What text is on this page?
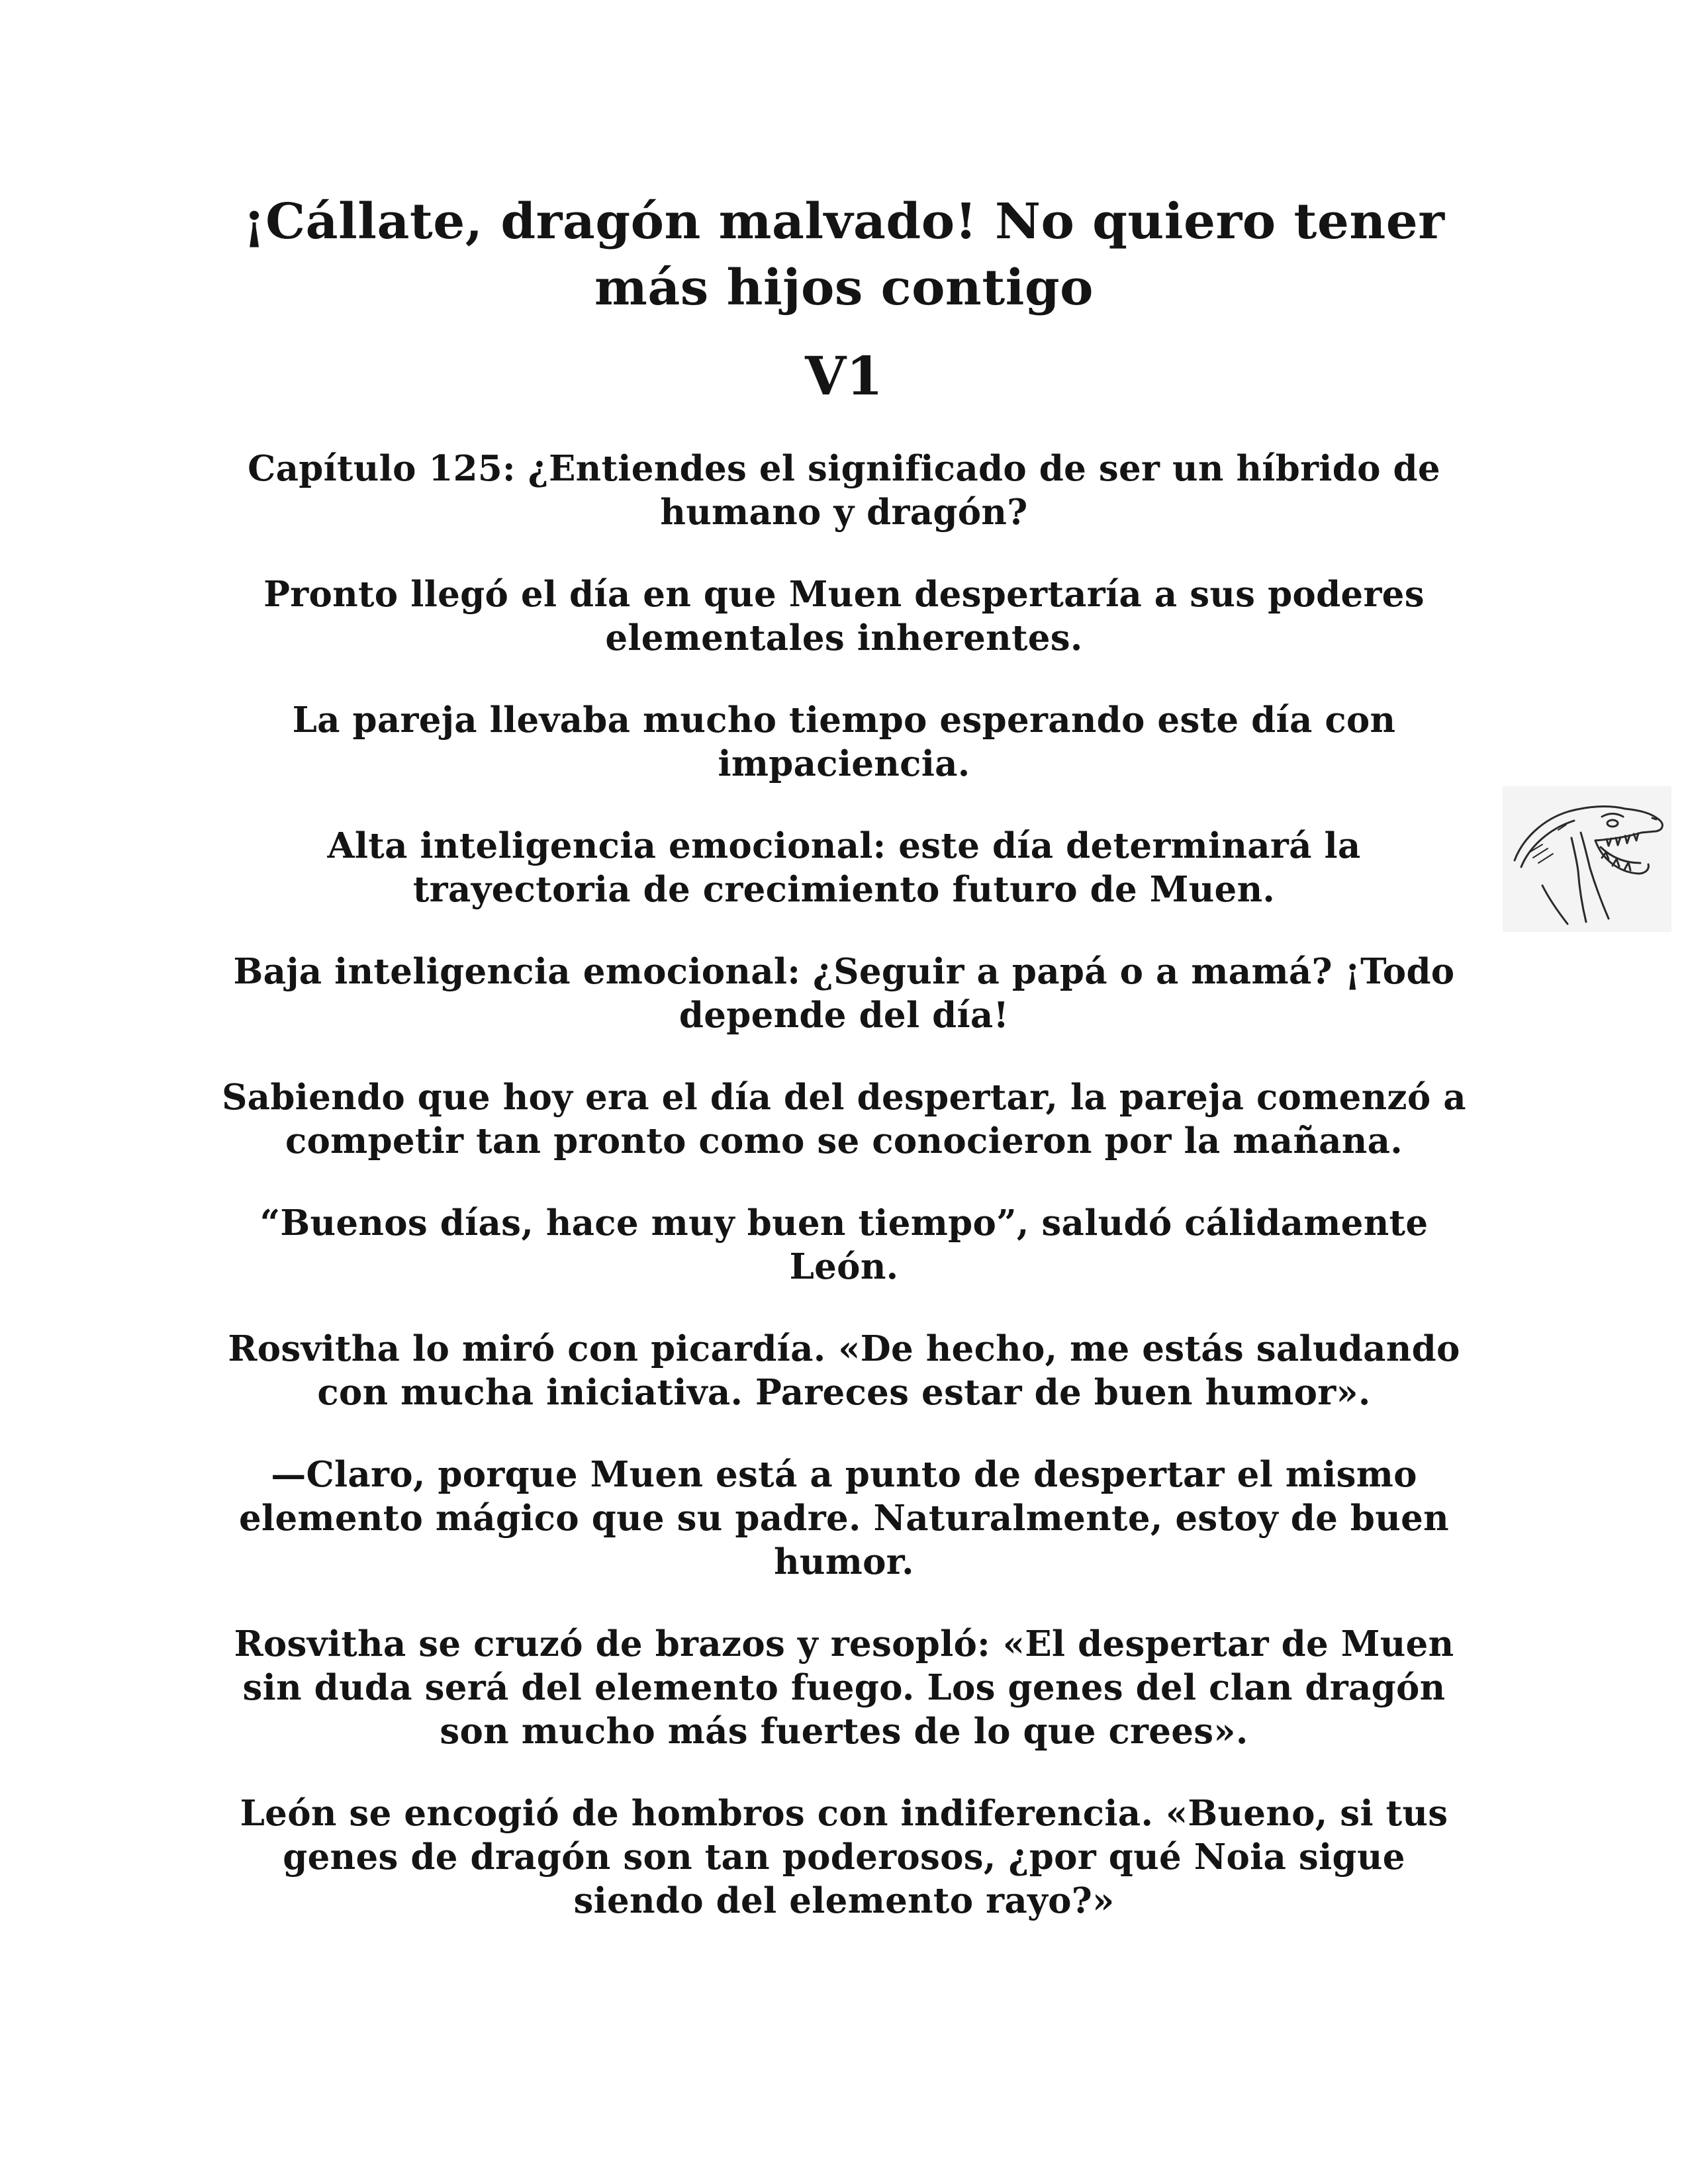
¡Cállate, dragón malvado! No quiero tener más hijos contigo
V1

Capítulo 125: ¿Entiendes el significado de ser un híbrido de humano y dragón?

Pronto llegó el día en que Muen despertaría a sus poderes elementales inherentes.

La pareja llevaba mucho tiempo esperando este día con impaciencia.

Alta inteligencia emocional: este día determinará la trayectoria de crecimiento futuro de Muen.

Baja inteligencia emocional: ¿Seguir a papá o a mamá? ¡Todo depende del día!

Sabiendo que hoy era el día del despertar, la pareja comenzó a competir tan pronto como se conocieron por la mañana.

“Buenos días, hace muy buen tiempo”, saludó cálidamente León.

Rosvitha lo miró con picardía. «De hecho, me estás saludando con mucha iniciativa. Pareces estar de buen humor».

—Claro, porque Muen está a punto de despertar el mismo elemento mágico que su padre. Naturalmente, estoy de buen humor.

Rosvitha se cruzó de brazos y resopló: «El despertar de Muen sin duda será del elemento fuego. Los genes del clan dragón son mucho más fuertes de lo que crees».

León se encogió de hombros con indiferencia. «Bueno, si tus genes de dragón son tan poderosos, ¿por qué Noia sigue siendo del elemento rayo?»
